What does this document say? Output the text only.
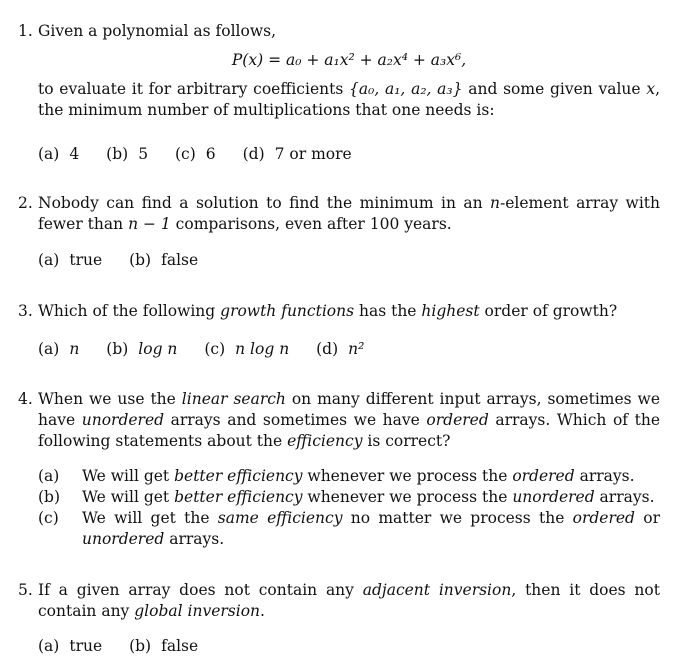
1. Given a polynomial as follows,
P(x) = a₀ + a₁x² + a₂x⁴ + a₃x⁶,
to evaluate it for arbitrary coefficients {a₀, a₁, a₂, a₃} and some given value x, the minimum number of multiplications that one needs is:
(a) 4 (b) 5 (c) 6 (d) 7 or more
2. Nobody can find a solution to find the minimum in an n-element array with fewer than n − 1 comparisons, even after 100 years.
(a) true (b) false
3. Which of the following growth functions has the highest order of growth?
(a) n (b) log n (c) n log n (d) n²
4. When we use the linear search on many different input arrays, sometimes we have unordered arrays and sometimes we have ordered arrays. Which of the following statements about the efficiency is correct?
(a) We will get better efficiency whenever we process the ordered arrays.
(b) We will get better efficiency whenever we process the unordered arrays.
(c) We will get the same efficiency no matter we process the ordered or unordered arrays.
5. If a given array does not contain any adjacent inversion, then it does not contain any global inversion.
(a) true (b) false
